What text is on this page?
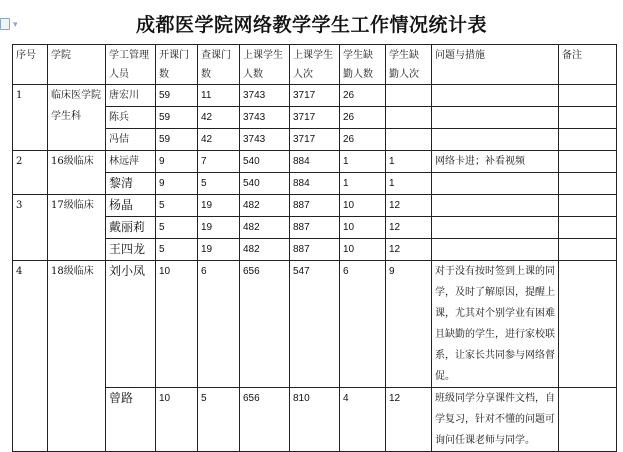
▾	成都医学院网络教学学生工作情况统计表
序号	学院	学工管理人员	开课门数	查课门数	上课学生人数	上课学生人次	学生缺勤人数	学生缺勤人次	问题与措施	备注
1	临床医学院学生科	唐宏川	59	11	3743	3717	26			
		陈兵	59	42	3743	3717	26			
		冯佶	59	42	3743	3717	26			
2	16级临床	林远萍	9	7	540	884	1	1	网络卡进；补看视频	
		黎清	9	5	540	884	1	1		
3	17级临床	杨晶	5	19	482	887	10	12		
		戴丽莉	5	19	482	887	10	12		
		王四龙	5	19	482	887	10	12		
4	18级临床	刘小凤	10	6	656	547	6	9	对于没有按时签到上课的同学，及时了解原因，提醒上课，尤其对个别学业有困难且缺勤的学生，进行家校联系，让家长共同参与网络督促。	
		曾路	10	5	656	810	4	12	班级同学分享课件文档，自学复习，针对不懂的问题可询问任课老师与同学。	
